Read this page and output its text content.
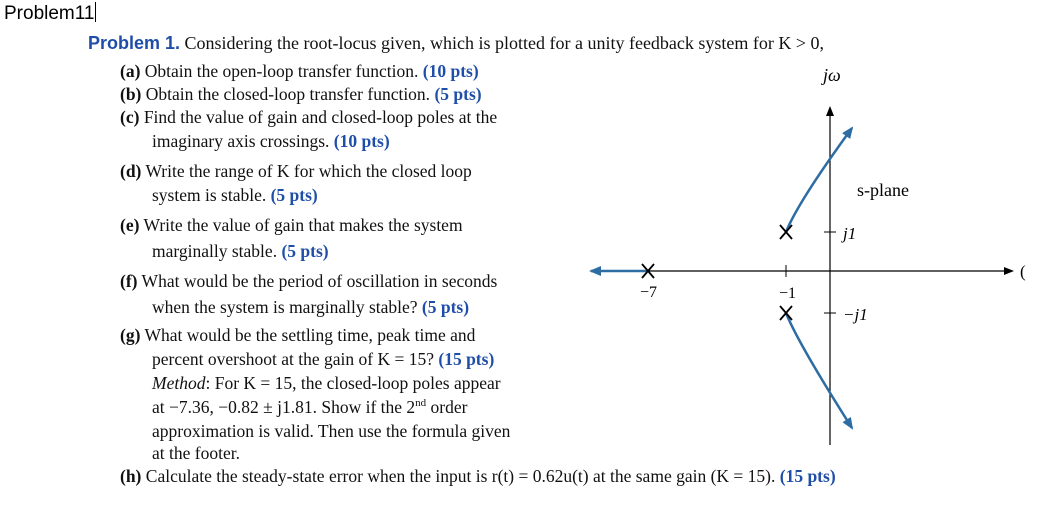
Problem11
Problem 1. Considering the root-locus given, which is plotted for a unity feedback system for K > 0,
(a) Obtain the open-loop transfer function. (10 pts)
(b) Obtain the closed-loop transfer function. (5 pts)
(c) Find the value of gain and closed-loop poles at the
imaginary axis crossings. (10 pts)
(d) Write the range of K for which the closed loop
system is stable. (5 pts)
(e) Write the value of gain that makes the system
marginally stable. (5 pts)
(f) What would be the period of oscillation in seconds
when the system is marginally stable? (5 pts)
(g) What would be the settling time, peak time and
percent overshoot at the gain of K = 15? (15 pts)
Method: For K = 15, the closed-loop poles appear
at −7.36, −0.82 ± j1.81. Show if the 2nd order
approximation is valid. Then use the formula given
at the footer.
(h) Calculate the steady-state error when the input is r(t) = 0.62u(t) at the same gain (K = 15). (15 pts)
jω
s-plane
j1
−j1
−1
−7
(
